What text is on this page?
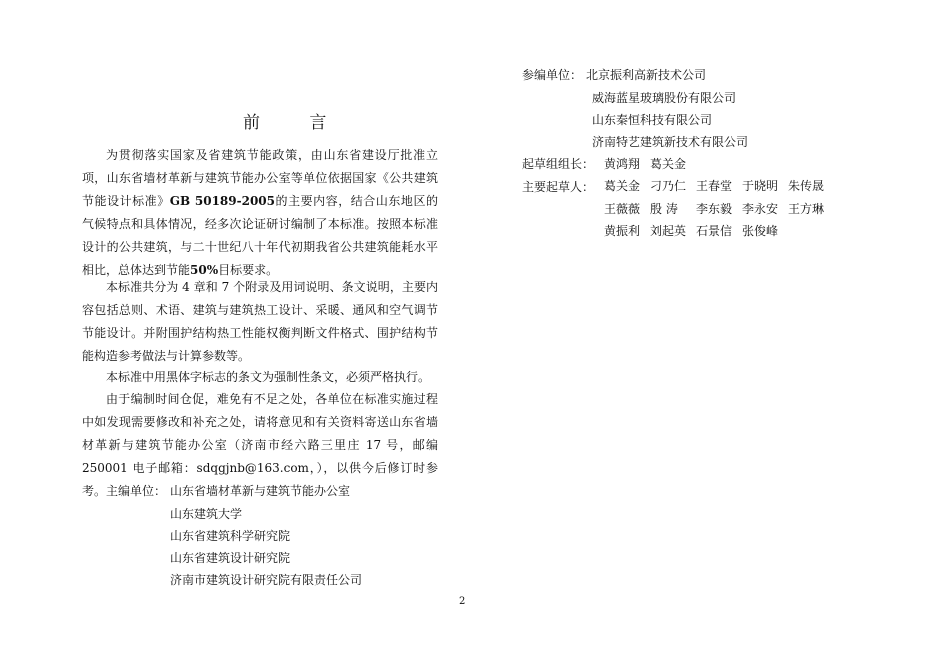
前 言

为贯彻落实国家及省建筑节能政策，由山东省建设厅批准立项，山东省墙材革新与建筑节能办公室等单位依据国家《公共建筑节能设计标准》GB 50189-2005的主要内容，结合山东地区的气候特点和具体情况，经多次论证研讨编制了本标准。按照本标准设计的公共建筑，与二十世纪八十年代初期我省公共建筑能耗水平相比，总体达到节能50%目标要求。

本标准共分为 4 章和 7 个附录及用词说明、条文说明，主要内容包括总则、术语、建筑与建筑热工设计、采暖、通风和空气调节节能设计。并附围护结构热工性能权衡判断文件格式、围护结构节能构造参考做法与计算参数等。

本标准中用黑体字标志的条文为强制性条文，必须严格执行。

由于编制时间仓促，难免有不足之处，各单位在标准实施过程中如发现需要修改和补充之处，请将意见和有关资料寄送山东省墙材革新与建筑节能办公室（济南市经六路三里庄 17 号，邮编 250001 电子邮箱：sdqgjnb@163.com，），以供今后修订时参考。 主编单位： 山东省墙材革新与建筑节能办公室
山东建筑大学
山东省建筑科学研究院
山东省建筑设计研究院
济南市建筑设计研究院有限责任公司
参编单位： 北京振利高新技术公司
威海蓝星玻璃股份有限公司
山东秦恒科技有限公司
济南特艺建筑新技术有限公司
起草组组长： 黄鸿翔 葛关金
主要起草人： 葛关金 刁乃仁 王春堂 于晓明 朱传晟
王薇薇 殷 涛 李东毅 李永安 王方琳
黄振利 刘起英 石景信 张俊峰
2
